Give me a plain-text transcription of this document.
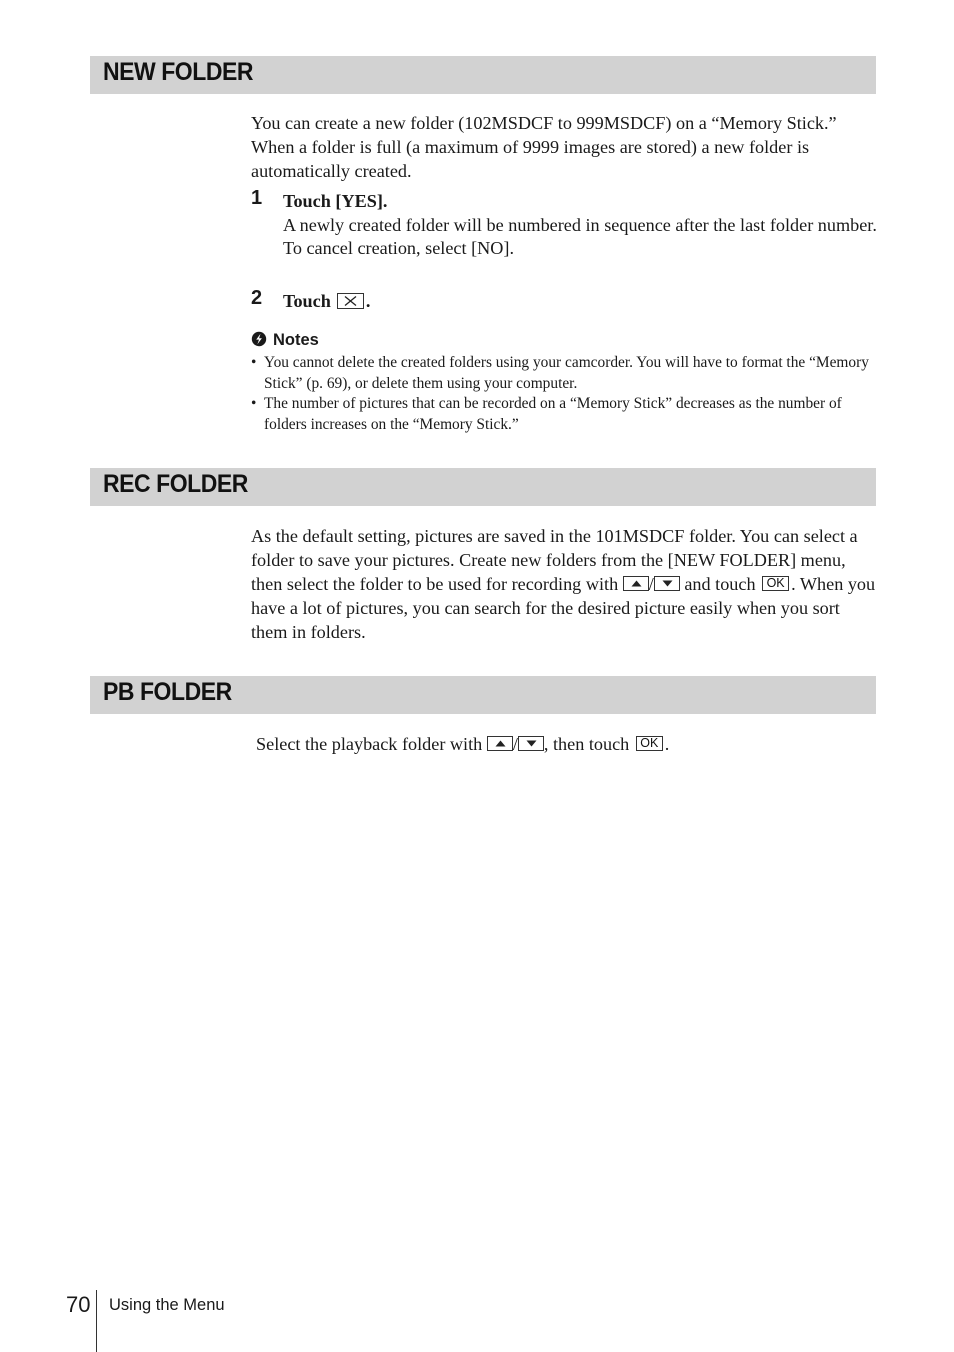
NEW FOLDER

You can create a new folder (102MSDCF to 999MSDCF) on a “Memory Stick.” When a folder is full (a maximum of 9999 images are stored) a new folder is automatically created.

1 Touch [YES].
A newly created folder will be numbered in sequence after the last folder number.
To cancel creation, select [NO].
2 Touch .
Notes
• You cannot delete the created folders using your camcorder. You will have to format the “Memory Stick” (p. 69), or delete them using your computer.
• The number of pictures that can be recorded on a “Memory Stick” decreases as the number of folders increases on the “Memory Stick.”
REC FOLDER

As the default setting, pictures are saved in the 101MSDCF folder. You can select a folder to save your pictures. Create new folders from the [NEW FOLDER] menu, then select the folder to be used for recording with / and touch OK . When you have a lot of pictures, you can search for the desired picture easily when you sort them in folders.

PB FOLDER

Select the playback folder with / , then touch OK .

70 Using the Menu
